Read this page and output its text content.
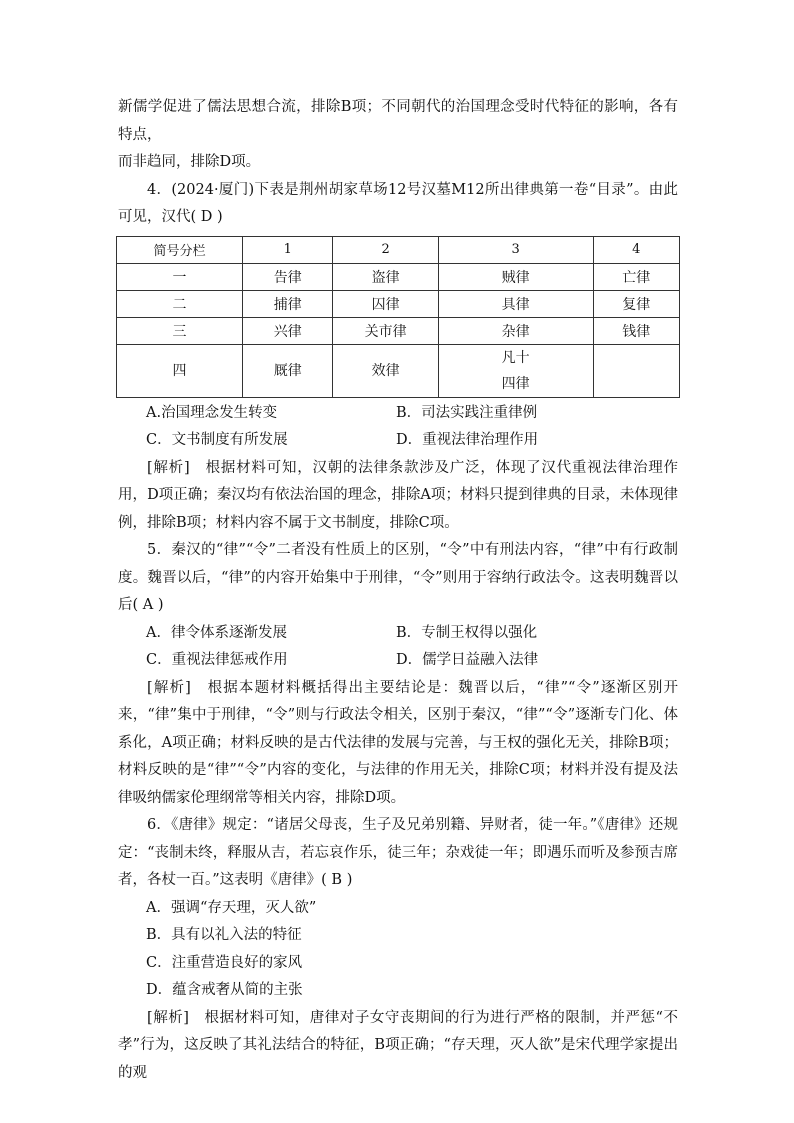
新儒学促进了儒法思想合流，排除B项；不同朝代的治国理念受时代特征的影响，各有特点，

而非趋同，排除D项。

4．(2024·厦门)下表是荆州胡家草场12号汉墓M12所出律典第一卷“目录”。由此可见，汉代( D )

简号分栏	1	2	3	4
一	告律	盗律	贼律	亡律
二	捕律	囚律	具律	复律
三	兴律	关市律	杂律	钱律
四	厩律	效律	凡十
四律	

A.治国理念发生转变	B．司法实践注重律例
C．文书制度有所发展	D．重视法律治理作用

[解析]　根据材料可知，汉朝的法律条款涉及广泛，体现了汉代重视法律治理作用，D项正确；秦汉均有依法治国的理念，排除A项；材料只提到律典的目录，未体现律例，排除B项；材料内容不属于文书制度，排除C项。

5．秦汉的“律”“令”二者没有性质上的区别，“令”中有刑法内容，“律”中有行政制度。魏晋以后，“律”的内容开始集中于刑律，“令”则用于容纳行政法令。这表明魏晋以后( A )

A．律令体系逐渐发展	B．专制王权得以强化
C．重视法律惩戒作用	D．儒学日益融入法律

[解析]　根据本题材料概括得出主要结论是：魏晋以后，“律”“令”逐渐区别开来，“律”集中于刑律，“令”则与行政法令相关，区别于秦汉，“律”“令”逐渐专门化、体系化，A项正确；材料反映的是古代法律的发展与完善，与王权的强化无关，排除B项；材料反映的是“律”“令”内容的变化，与法律的作用无关，排除C项；材料并没有提及法律吸纳儒家伦理纲常等相关内容，排除D项。

6．《唐律》规定：“诸居父母丧，生子及兄弟别籍、异财者，徒一年。”《唐律》还规定：“丧制未终，释服从吉，若忘哀作乐，徒三年；杂戏徒一年；即遇乐而听及参预吉席者，各杖一百。”这表明《唐律》( B )

A．强调“存天理，灭人欲”
B．具有以礼入法的特征
C．注重营造良好的家风
D．蕴含戒奢从简的主张

[解析]　根据材料可知，唐律对子女守丧期间的行为进行严格的限制，并严惩“不孝”行为，这反映了其礼法结合的特征，B项正确；“存天理，灭人欲”是宋代理学家提出的观
